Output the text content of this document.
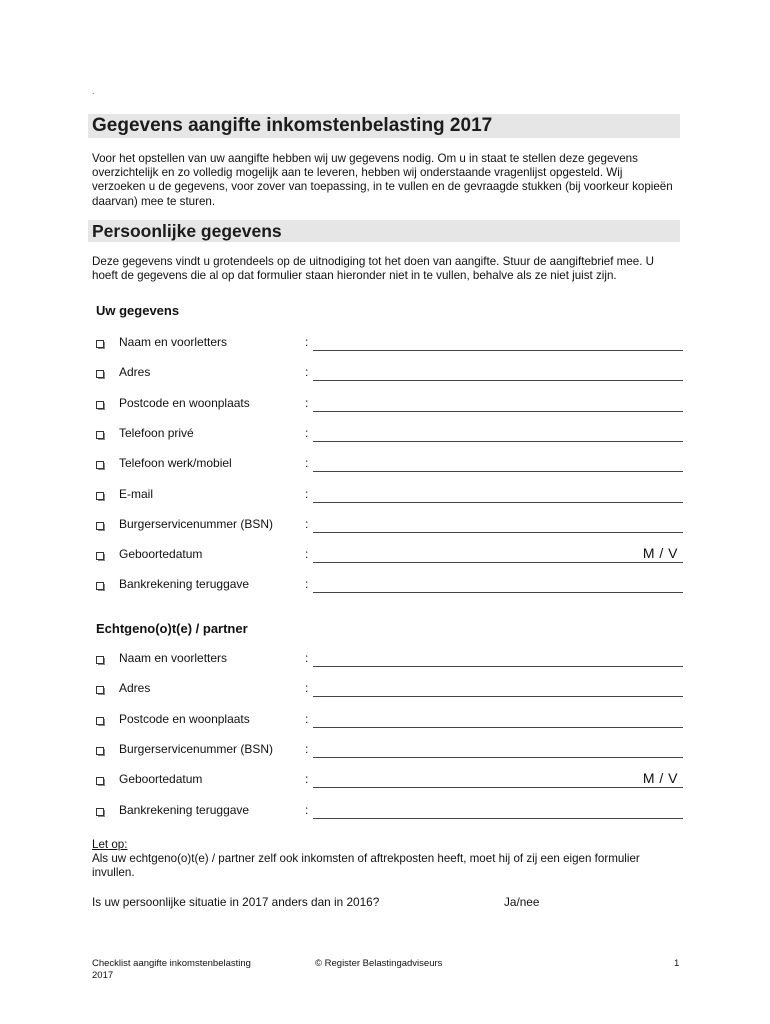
.
Gegevens aangifte inkomstenbelasting 2017
Voor het opstellen van uw aangifte hebben wij uw gegevens nodig. Om u in staat te stellen deze gegevens overzichtelijk en zo volledig mogelijk aan te leveren, hebben wij onderstaande vragenlijst opgesteld. Wij verzoeken u de gegevens, voor zover van toepassing, in te vullen en de gevraagde stukken (bij voorkeur kopieën daarvan) mee te sturen.
Persoonlijke gegevens
Deze gegevens vindt u grotendeels op de uitnodiging tot het doen van aangifte. Stuur de aangiftebrief mee. U hoeft de gegevens die al op dat formulier staan hieronder niet in te vullen, behalve als ze niet juist zijn.
Uw gegevens
Naam en voorletters	:
Adres	:
Postcode en woonplaats	:
Telefoon privé	:
Telefoon werk/mobiel	:
E-mail	:
Burgerservicenummer (BSN)	:
Geboortedatum	:	M / V
Bankrekening teruggave	:
Echtgeno(o)t(e) / partner
Naam en voorletters	:
Adres	:
Postcode en woonplaats	:
Burgerservicenummer (BSN)	:
Geboortedatum	:	M / V
Bankrekening teruggave	:
Let op:
Als uw echtgeno(o)t(e) / partner zelf ook inkomsten of aftrekposten heeft, moet hij of zij een eigen formulier invullen.
Is uw persoonlijke situatie in 2017 anders dan in 2016?	Ja/nee
Checklist aangifte inkomstenbelasting 2017
© Register Belastingadviseurs	1
